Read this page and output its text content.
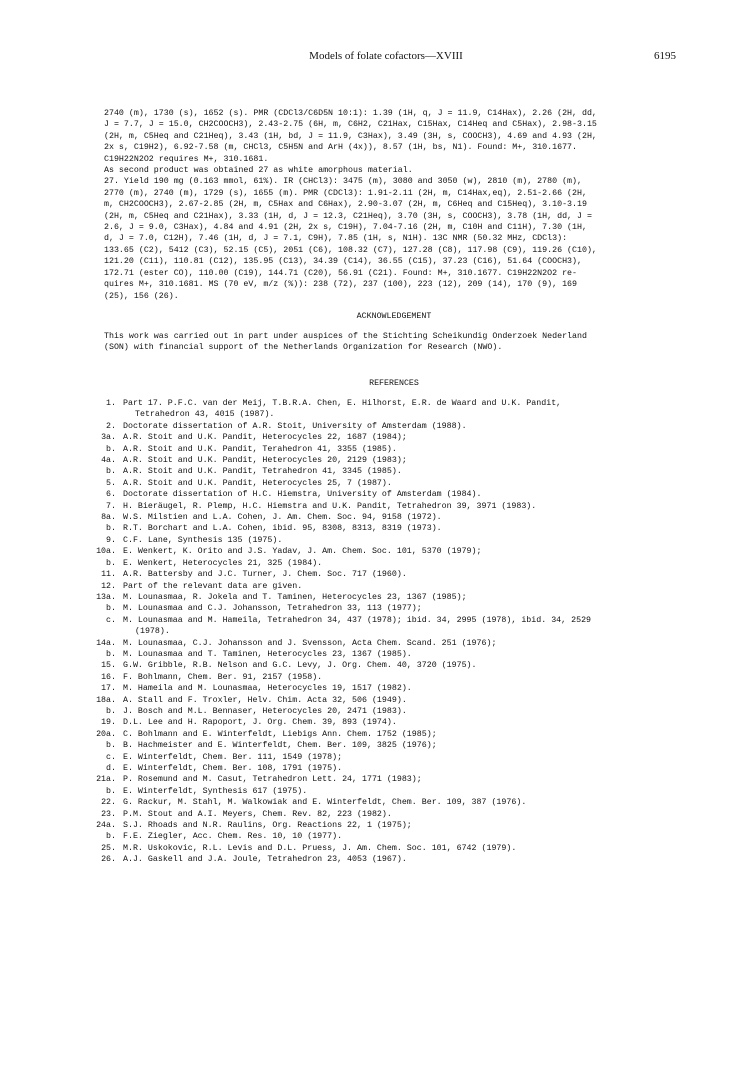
Models of folate cofactors—XVIII	6195
2740 (m), 1730 (s), 1652 (s). PMR (CDCl3/C6D5N 10:1): 1.39 (1H, q, J = 11.9, C14Hax), 2.26 (2H, dd,
J = 7.7, J = 15.0, CH2COOCH3), 2.43-2.75 (6H, m, C6H2, C21Hax, C15Hax, C14Heq and C5Hax), 2.98-3.15
(2H, m, C5Heq and C21Heq), 3.43 (1H, bd, J = 11.9, C3Hax), 3.49 (3H, s, COOCH3), 4.69 and 4.93 (2H,
2x s, C19H2), 6.92-7.58 (m, CHCl3, C5H5N and ArH (4x)), 8.57 (1H, bs, N1). Found: M+, 310.1677.
C19H22N2O2 requires M+, 310.1681.
As second product was obtained 27 as white amorphous material.
27. Yield 190 mg (0.163 mmol, 61%). IR (CHCl3): 3475 (m), 3080 and 3050 (w), 2810 (m), 2780 (m),
2770 (m), 2740 (m), 1729 (s), 1655 (m). PMR (CDCl3): 1.91-2.11 (2H, m, C14Hax,eq), 2.51-2.66 (2H,
m, CH2COOCH3), 2.67-2.85 (2H, m, C5Hax and C6Hax), 2.90-3.07 (2H, m, C6Heq and C15Heq), 3.10-3.19
(2H, m, C5Heq and C21Hax), 3.33 (1H, d, J = 12.3, C21Heq), 3.70 (3H, s, COOCH3), 3.78 (1H, dd, J =
2.6, J = 9.0, C3Hax), 4.84 and 4.91 (2H, 2x s, C19H), 7.04-7.16 (2H, m, C10H and C11H), 7.30 (1H,
d, J = 7.0, C12H), 7.46 (1H, d, J = 7.1, C9H), 7.85 (1H, s, N1H). 13C NMR (50.32 MHz, CDCl3):
133.65 (C2), 5412 (C3), 52.15 (C5), 2051 (C6), 108.32 (C7), 127.28 (C8), 117.98 (C9), 119.26 (C10),
121.20 (C11), 110.81 (C12), 135.95 (C13), 34.39 (C14), 36.55 (C15), 37.23 (C16), 51.64 (COOCH3),
172.71 (ester CO), 110.00 (C19), 144.71 (C20), 56.91 (C21). Found: M+, 310.1677. C19H22N2O2 re-
quires M+, 310.1681. MS (70 eV, m/z (%)): 238 (72), 237 (100), 223 (12), 209 (14), 170 (9), 169
(25), 156 (26).
ACKNOWLEDGEMENT
This work was carried out in part under auspices of the Stichting Scheikundig Onderzoek Nederland
(SON) with financial support of the Netherlands Organization for Research (NWO).
REFERENCES
1. Part 17. P.F.C. van der Meij, T.B.R.A. Chen, E. Hilhorst, E.R. de Waard and U.K. Pandit,
Tetrahedron 43, 4015 (1987).
2. Doctorate dissertation of A.R. Stoit, University of Amsterdam (1988).
3a. A.R. Stoit and U.K. Pandit, Heterocycles 22, 1687 (1984);
b. A.R. Stoit and U.K. Pandit, Terahedron 41, 3355 (1985).
4a. A.R. Stoit and U.K. Pandit, Heterocycles 20, 2129 (1983);
b. A.R. Stoit and U.K. Pandit, Tetrahedron 41, 3345 (1985).
5. A.R. Stoit and U.K. Pandit, Heterocycles 25, 7 (1987).
6. Doctorate dissertation of H.C. Hiemstra, University of Amsterdam (1984).
7. H. Bieräugel, R. Plemp, H.C. Hiemstra and U.K. Pandit, Tetrahedron 39, 3971 (1983).
8a. W.S. Milstien and L.A. Cohen, J. Am. Chem. Soc. 94, 9158 (1972).
b. R.T. Borchart and L.A. Cohen, ibid. 95, 8308, 8313, 8319 (1973).
9. C.F. Lane, Synthesis 135 (1975).
10a. E. Wenkert, K. Orito and J.S. Yadav, J. Am. Chem. Soc. 101, 5370 (1979);
b. E. Wenkert, Heterocycles 21, 325 (1984).
11. A.R. Battersby and J.C. Turner, J. Chem. Soc. 717 (1960).
12. Part of the relevant data are given.
13a. M. Lounasmaa, R. Jokela and T. Taminen, Heterocycles 23, 1367 (1985);
b. M. Lounasmaa and C.J. Johansson, Tetrahedron 33, 113 (1977);
c. M. Lounasmaa and M. Hameila, Tetrahedron 34, 437 (1978); ibid. 34, 2995 (1978), ibid. 34, 2529
(1978).
14a. M. Lounasmaa, C.J. Johansson and J. Svensson, Acta Chem. Scand. 251 (1976);
b. M. Lounasmaa and T. Taminen, Heterocycles 23, 1367 (1985).
15. G.W. Gribble, R.B. Nelson and G.C. Levy, J. Org. Chem. 40, 3720 (1975).
16. F. Bohlmann, Chem. Ber. 91, 2157 (1958).
17. M. Hameila and M. Lounasmaa, Heterocycles 19, 1517 (1982).
18a. A. Stall and F. Troxler, Helv. Chim. Acta 32, 506 (1949).
b. J. Bosch and M.L. Bennaser, Heterocycles 20, 2471 (1983).
19. D.L. Lee and H. Rapoport, J. Org. Chem. 39, 893 (1974).
20a. C. Bohlmann and E. Winterfeldt, Liebigs Ann. Chem. 1752 (1985);
b. B. Hachmeister and E. Winterfeldt, Chem. Ber. 109, 3825 (1976);
c. E. Winterfeldt, Chem. Ber. 111, 1549 (1978);
d. E. Winterfeldt, Chem. Ber. 108, 1791 (1975).
21a. P. Rosemund and M. Casut, Tetrahedron Lett. 24, 1771 (1983);
b. E. Winterfeldt, Synthesis 617 (1975).
22. G. Rackur, M. Stahl, M. Walkowiak and E. Winterfeldt, Chem. Ber. 109, 387 (1976).
23. P.M. Stout and A.I. Meyers, Chem. Rev. 82, 223 (1982).
24a. S.J. Rhoads and N.R. Raulins, Org. Reactions 22, 1 (1975);
b. F.E. Ziegler, Acc. Chem. Res. 10, 10 (1977).
25. M.R. Uskokovic, R.L. Levis and D.L. Pruess, J. Am. Chem. Soc. 101, 6742 (1979).
26. A.J. Gaskell and J.A. Joule, Tetrahedron 23, 4053 (1967).
